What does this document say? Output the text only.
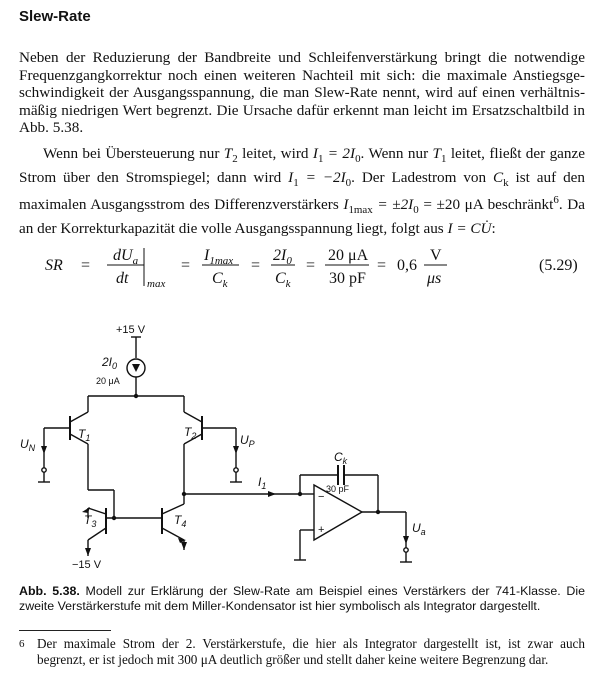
Slew-Rate
Neben der Reduzierung der Bandbreite und Schleifenverstärkung bringt die notwendige Frequenzgangkorrektur noch einen weiteren Nachteil mit sich: die maximale Anstiegsge-schwindigkeit der Ausgangsspannung, die man Slew-Rate nennt, wird auf einen verhältnis-mäßig niedrigen Wert begrenzt. Die Ursache dafür erkennt man leicht im Ersatzschaltbild in Abb. 5.38.
Wenn bei Übersteuerung nur $T_2$ leitet, wird $I_1 = 2I_0$. Wenn nur $T_1$ leitet, fließt der ganze Strom über den Stromspiegel; dann wird $I_1 = -2I_0$. Der Ladestrom von $C_k$ ist auf den maximalen Ausgangsstrom des Differenzverstärkers $I_{1max} = \pm 2I_0 = \pm 20$ μA beschränkt$^6$. Da an der Korrekturkapazität die volle Ausgangsspannung liegt, folgt aus I = CU̇:
SR =
$dU_a$
dt max
=
$I_{1max}$
$C_k$
=
$2I_0$
$C_k$
=
20 μA
30 pF
= 0,6
V
μs
(5.29)
+15 V
$2I_0$
20 μA
$T_1$	$T_2$
$T_3$	$T_4$
$U_N$
$U_P$
$I_1$
$C_k$
30 pF
−
+	$U_a$
−15 V
Abb. 5.38. Modell zur Erklärung der Slew-Rate am Beispiel eines Verstärkers der 741-Klasse. Die zweite Verstärkerstufe mit dem Miller-Kondensator ist hier symbolisch als Integrator dargestellt.
6 Der maximale Strom der 2. Verstärkerstufe, die hier als Integrator dargestellt ist, ist zwar auch begrenzt, er ist jedoch mit 300 μA deutlich größer und stellt daher keine weitere Begrenzung dar.
